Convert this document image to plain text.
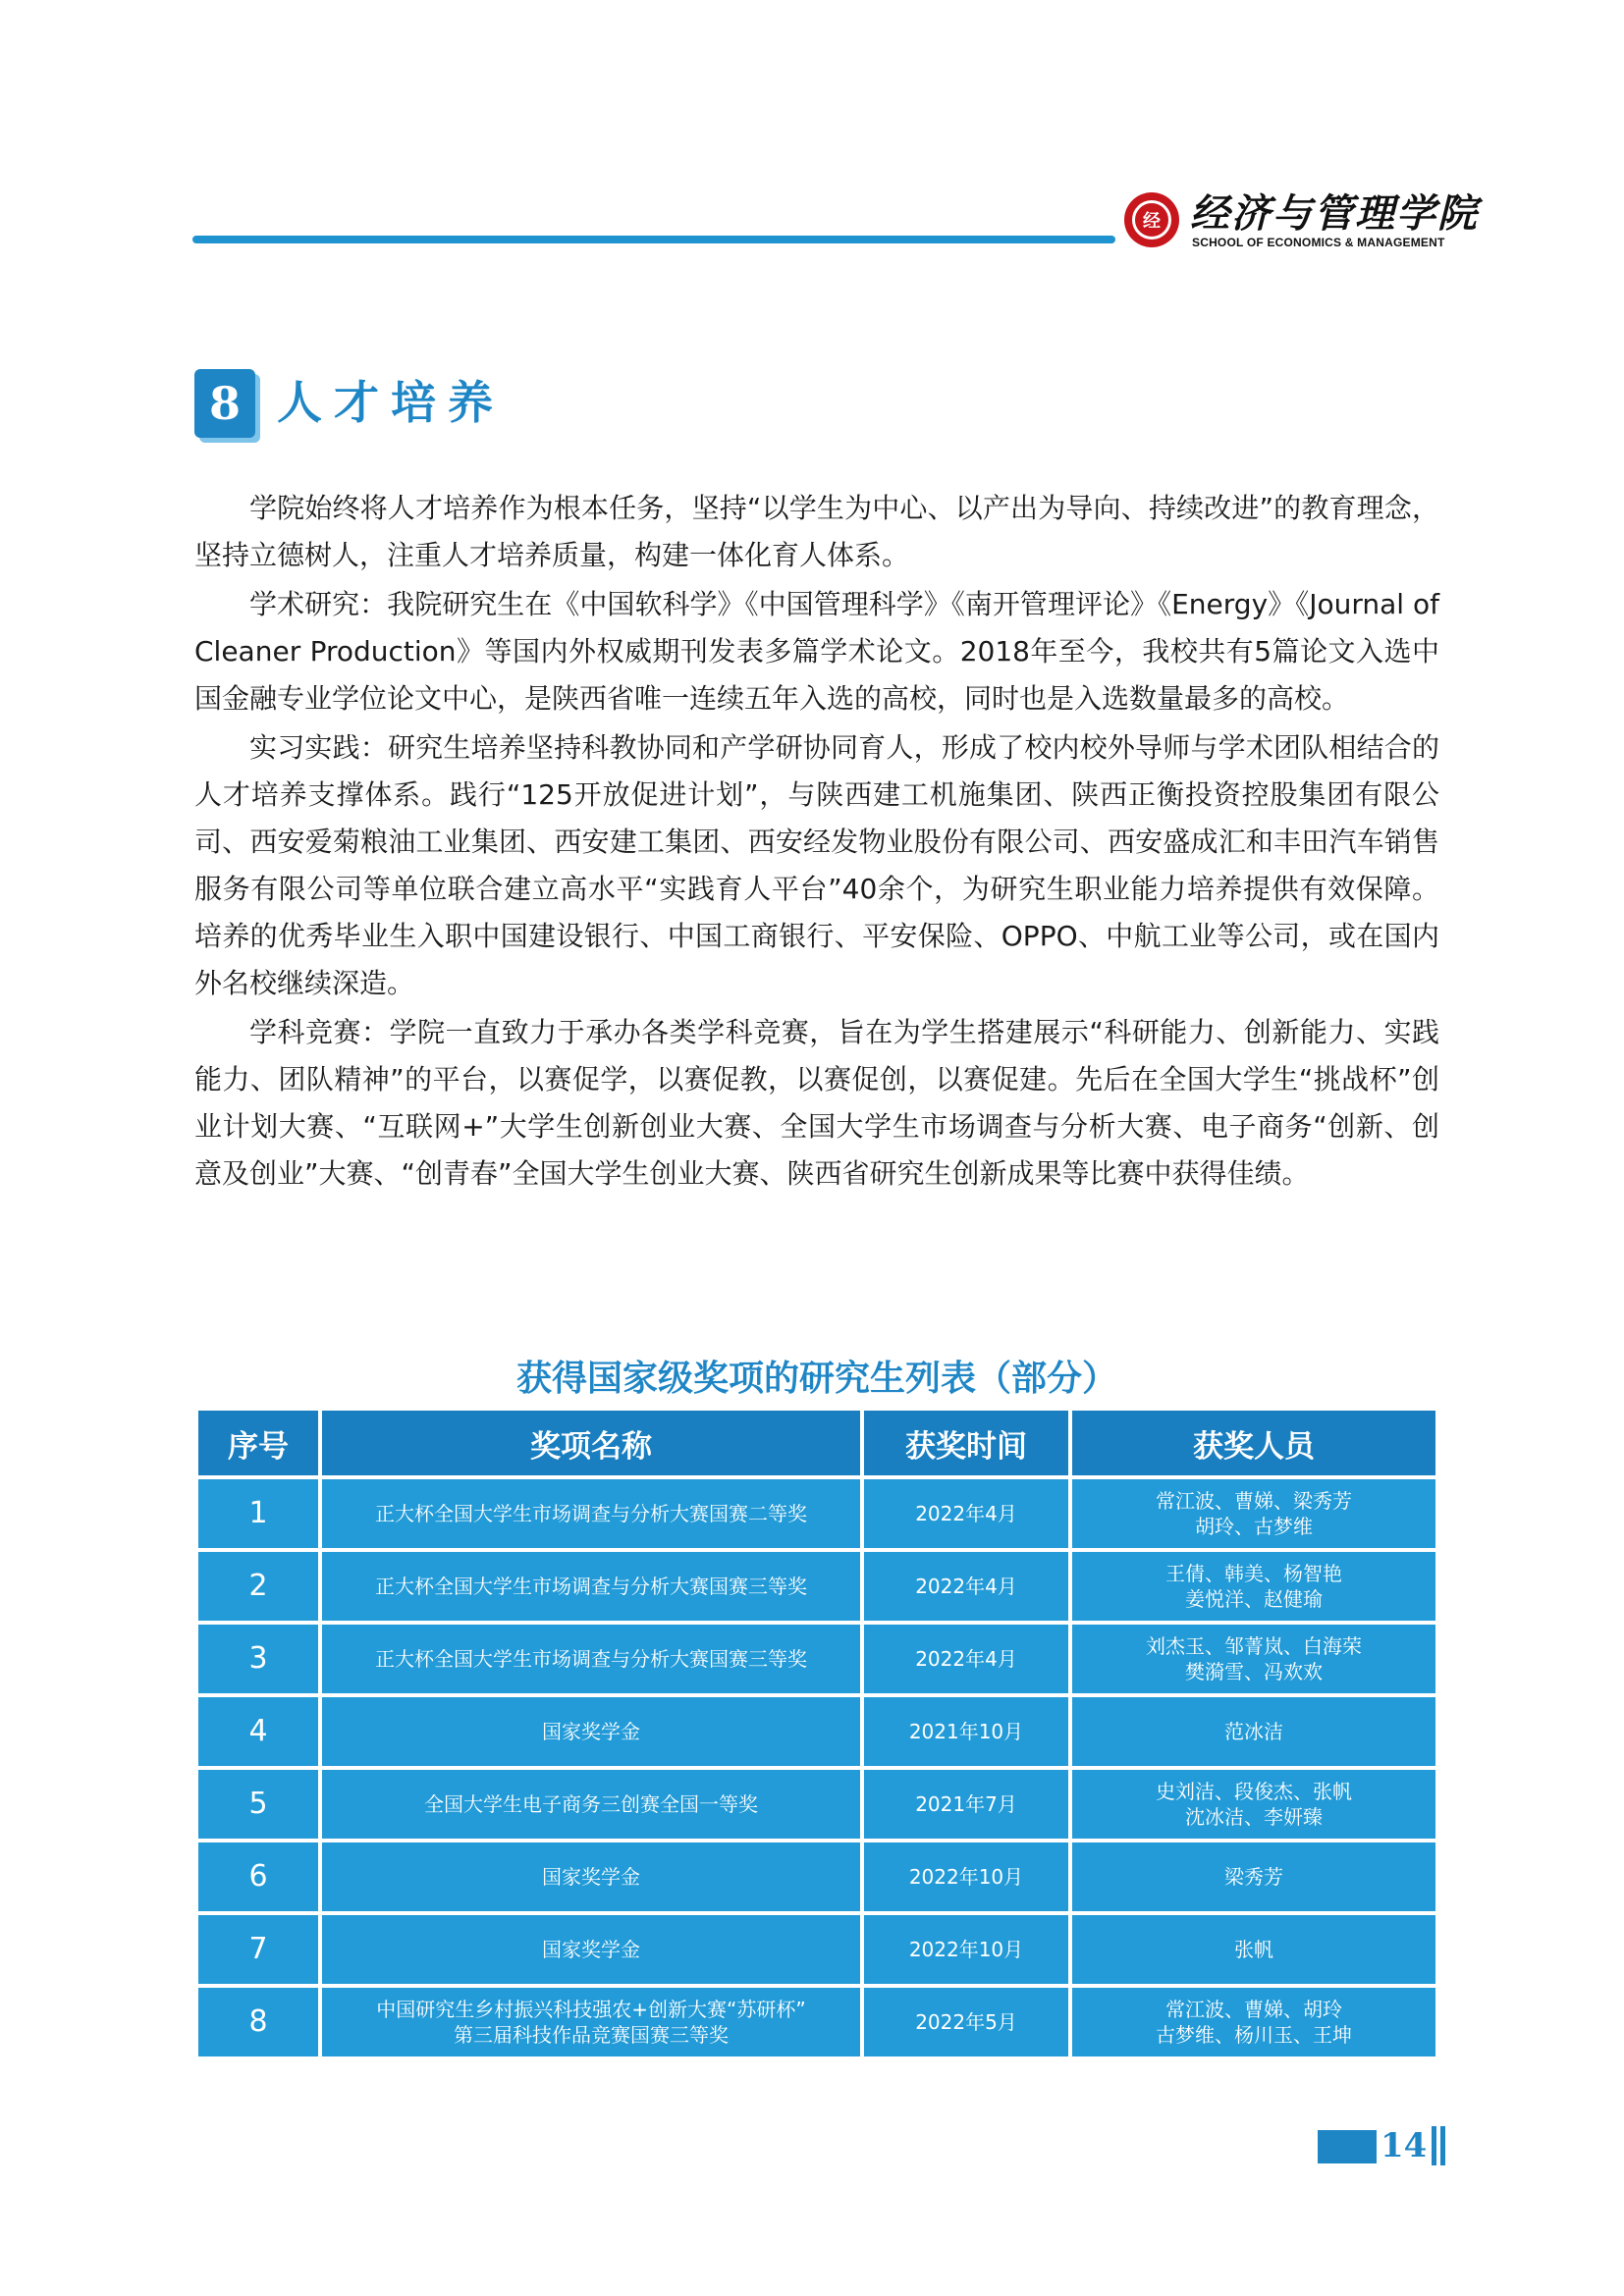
经 经济与管理学院
SCHOOL OF ECONOMICS & MANAGEMENT
8 人才培养

学院始终将人才培养作为根本任务，坚持“以学生为中心、以产出为导向、持续改进”的教育理念，坚持立德树人，注重人才培养质量，构建一体化育人体系。

学术研究：我院研究生在《中国软科学》《中国管理科学》《南开管理评论》《Energy》《Journal of Cleaner Production》等国内外权威期刊发表多篇学术论文。2018年至今，我校共有5篇论文入选中国金融专业学位论文中心，是陕西省唯一连续五年入选的高校，同时也是入选数量最多的高校。

实习实践：研究生培养坚持科教协同和产学研协同育人，形成了校内校外导师与学术团队相结合的人才培养支撑体系。践行“125开放促进计划”，与陕西建工机施集团、陕西正衡投资控股集团有限公司、西安爱菊粮油工业集团、西安建工集团、西安经发物业股份有限公司、西安盛成汇和丰田汽车销售服务有限公司等单位联合建立高水平“实践育人平台”40余个，为研究生职业能力培养提供有效保障。培养的优秀毕业生入职中国建设银行、中国工商银行、平安保险、OPPO、中航工业等公司，或在国内外名校继续深造。

学科竞赛：学院一直致力于承办各类学科竞赛，旨在为学生搭建展示“科研能力、创新能力、实践能力、团队精神”的平台，以赛促学，以赛促教，以赛促创，以赛促建。先后在全国大学生“挑战杯”创业计划大赛、“互联网+”大学生创新创业大赛、全国大学生市场调查与分析大赛、电子商务“创新、创意及创业”大赛、“创青春”全国大学生创业大赛、陕西省研究生创新成果等比赛中获得佳绩。

获得国家级奖项的研究生列表（部分）
序号	奖项名称	获奖时间	获奖人员
1	正大杯全国大学生市场调查与分析大赛国赛二等奖	2022年4月	常江波、曹娣、梁秀芳
胡玲、古梦维
2	正大杯全国大学生市场调查与分析大赛国赛三等奖	2022年4月	王倩、韩美、杨智艳
姜悦洋、赵健瑜
3	正大杯全国大学生市场调查与分析大赛国赛三等奖	2022年4月	刘杰玉、邹菁岚、白海荣
樊漪雪、冯欢欢
4	国家奖学金	2021年10月	范冰洁
5	全国大学生电子商务三创赛全国一等奖	2021年7月	史刘洁、段俊杰、张帆
沈冰洁、李妍臻
6	国家奖学金	2022年10月	梁秀芳
7	国家奖学金	2022年10月	张帆
8	中国研究生乡村振兴科技强农+创新大赛“苏研杯”
第三届科技作品竞赛国赛三等奖	2022年5月	常江波、曹娣、胡玲
古梦维、杨川玉、王坤
14
